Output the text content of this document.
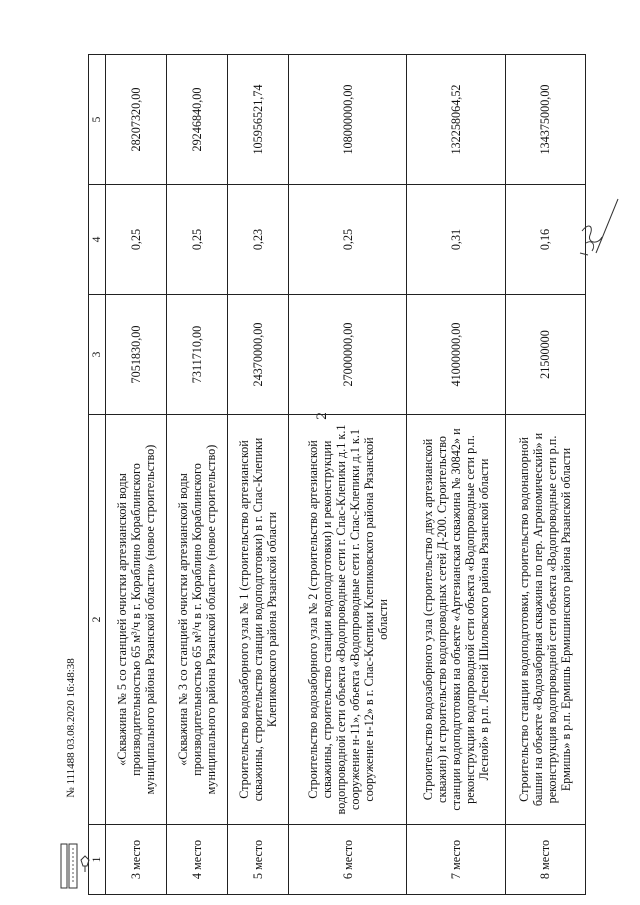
2
1	2	3	4	5
3 место	«Скважина № 5 со станцией очистки артезианской воды производительностью 65 м³/ч в г. Кораблино Кораблинского муниципального района Рязанской области» (новое строительство)	7051830,00	0,25	28207320,00
4 место	«Скважина № 3 со станцией очистки артезианской воды производительностью 65 м³/ч в г. Кораблино Кораблинского муниципального района Рязанской области» (новое строительство)	7311710,00	0,25	29246840,00
5 место	Строительство водозаборного узла № 1 (строительство артезианской скважины, строительство станции водоподготовки) в г. Спас-Клепики Клепиковского района Рязанской области	24370000,00	0,23	105956521,74
6 место	Строительство водозаборного узла № 2 (строительство артезианской скважины, строительство станции водоподготовки) и реконструкции водопроводной сети объекта «Водопроводные сети г. Спас-Клепики д.1 к.1 сооружение н-11», объекта «Водопроводные сети г. Спас-Клепики д.1 к.1 сооружение н-12» в г. Спас-Клепики Клепиковского района Рязанской области	27000000,00	0,25	108000000,00
7 место	Строительство водозаборного узла (строительство двух артезианской скважин) и строительство водопроводных сетей Д-200. Строительство станции водоподготовки на объекте «Артезианская скважина № 30842» и реконструкции водопроводной сети объекта «Водопроводные сети р.п. Лесной» в р.п. Лесной Шиловского района Рязанской области	41000000,00	0,31	132258064,52
8 место	Строительство станции водоподготовки, строительство водонапорной башни на объекте «Водозаборная скважина по пер. Агрономический» и реконструкция водопроводной сети объекта «Водопроводные сети р.п. Ермишь» в р.п. Ермишь Ермишинского района Рязанской области	21500000	0,16	134375000,00
№ 111488 03.08.2020 16:48:38
